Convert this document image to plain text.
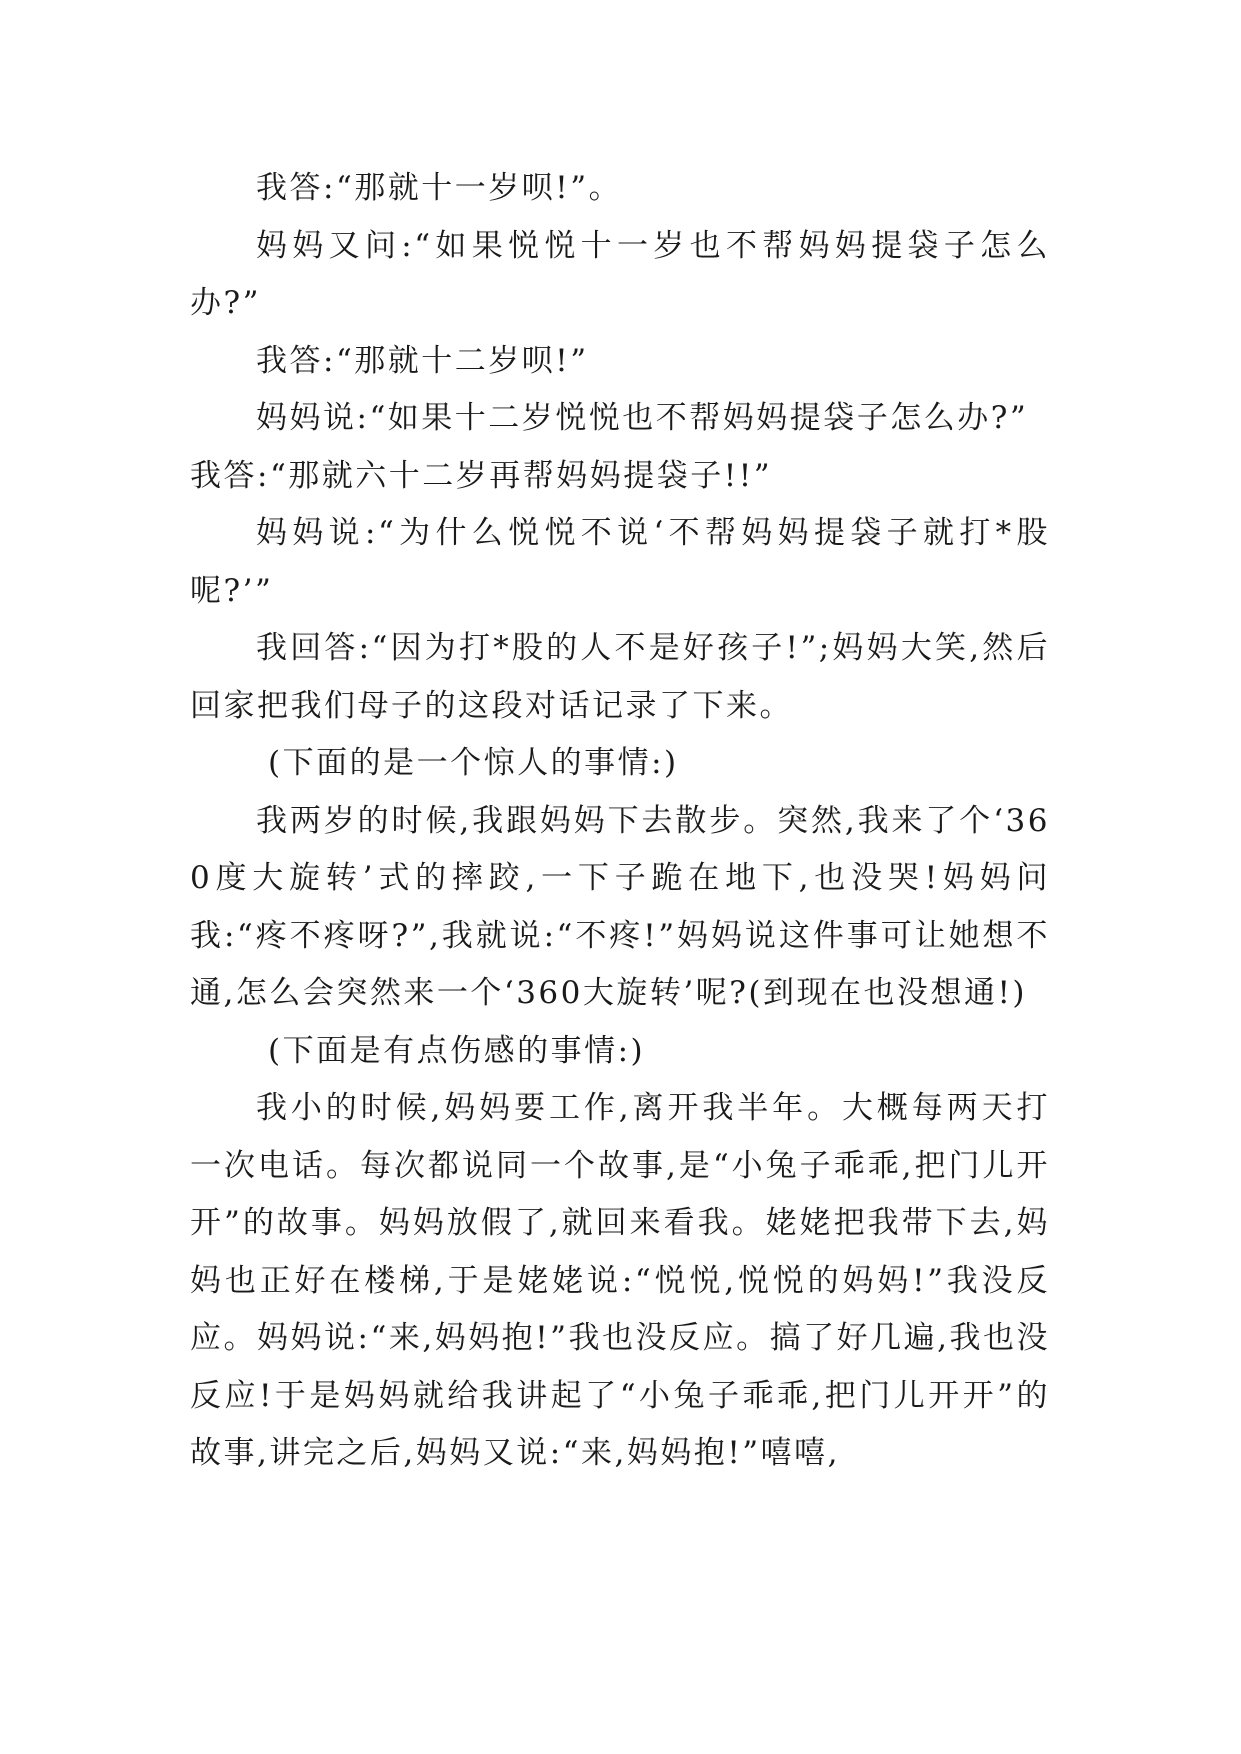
我答:“那就十一岁呗!”。

妈妈又问:“如果悦悦十一岁也不帮妈妈提袋子怎么办?”

我答:“那就十二岁呗!”

妈妈说:“如果十二岁悦悦也不帮妈妈提袋子怎么办?”

我答:“那就六十二岁再帮妈妈提袋子!!”

妈妈说:“为什么悦悦不说‘不帮妈妈提袋子就打*股呢?’”

我回答:“因为打*股的人不是好孩子!”;妈妈大笑,然后回家把我们母子的这段对话记录了下来。

(下面的是一个惊人的事情:)

我两岁的时候,我跟妈妈下去散步。突然,我来了个‘360度大旋转’式的摔跤,一下子跪在地下,也没哭!妈妈问我:“疼不疼呀?”,我就说:“不疼!”妈妈说这件事可让她想不通,怎么会突然来一个‘360大旋转’呢?(到现在也没想通!)

(下面是有点伤感的事情:)

我小的时候,妈妈要工作,离开我半年。大概每两天打一次电话。每次都说同一个故事,是“小兔子乖乖,把门儿开开”的故事。妈妈放假了,就回来看我。姥姥把我带下去,妈妈也正好在楼梯,于是姥姥说:“悦悦,悦悦的妈妈!”我没反应。妈妈说:“来,妈妈抱!”我也没反应。搞了好几遍,我也没反应!于是妈妈就给我讲起了“小兔子乖乖,把门儿开开”的故事,讲完之后,妈妈又说:“来,妈妈抱!”嘻嘻,
